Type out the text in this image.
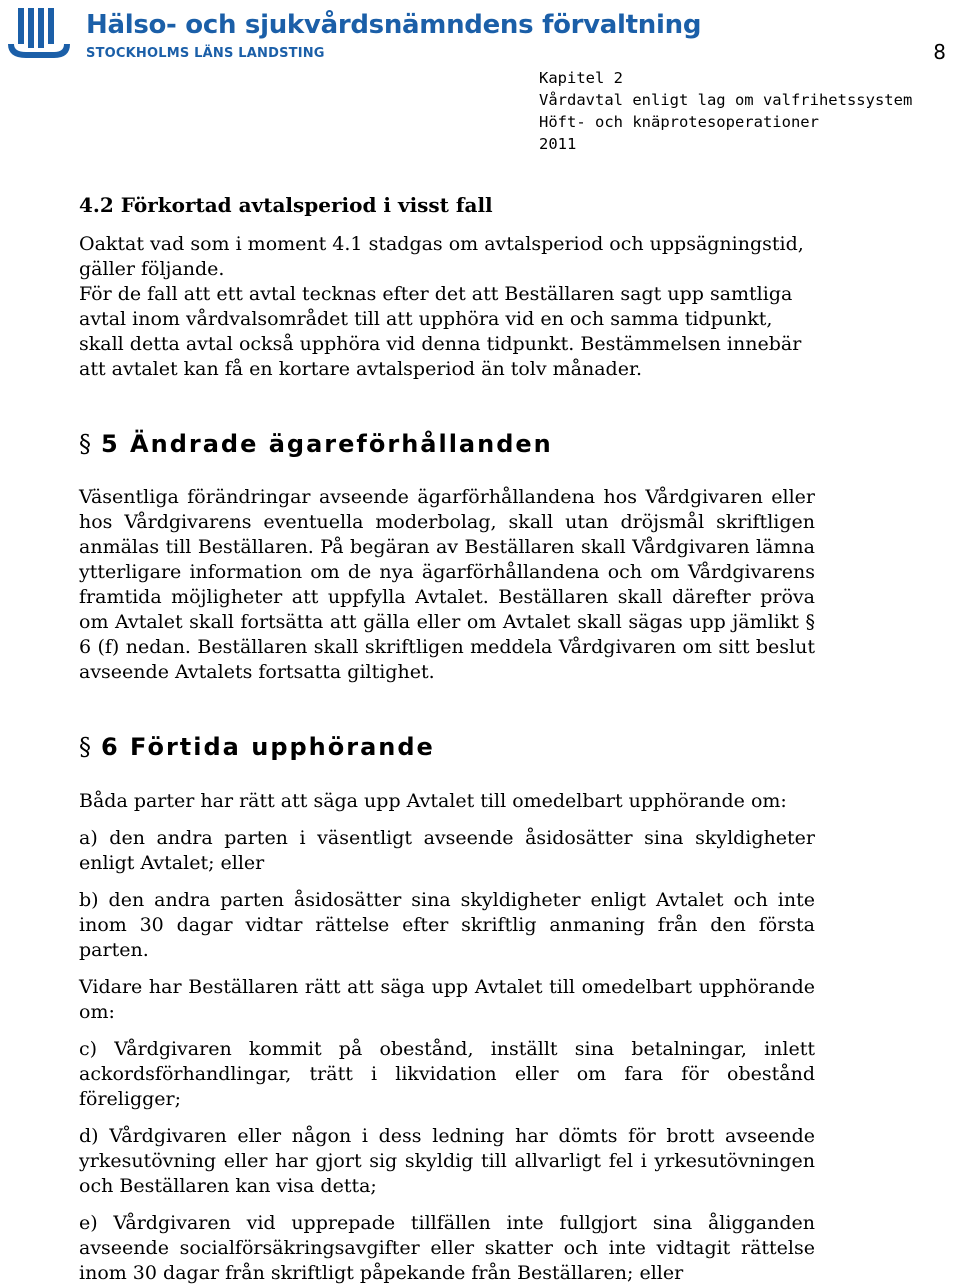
Hälso- och sjukvårdsnämndens förvaltning
STOCKHOLMS LÄNS LANDSTING	8
Kapitel 2
Vårdavtal enligt lag om valfrihetssystem
Höft- och knäprotesoperationer
2011
4.2 Förkortad avtalsperiod i visst fall

Oaktat vad som i moment 4.1 stadgas om avtalsperiod och uppsägningstid, gäller följande.

För de fall att ett avtal tecknas efter det att Beställaren sagt upp samtliga avtal inom vårdvalsområdet till att upphöra vid en och samma tidpunkt, skall detta avtal också upphöra vid denna tidpunkt. Bestämmelsen innebär att avtalet kan få en kortare avtalsperiod än tolv månader.

§ 5 Ändrade ägareförhållanden

Väsentliga förändringar avseende ägarförhållandena hos Vårdgivaren eller hos Vårdgivarens eventuella moderbolag, skall utan dröjsmål skriftligen anmälas till Beställaren. På begäran av Beställaren skall Vårdgivaren lämna ytterligare information om de nya ägarförhållandena och om Vårdgivarens framtida möjligheter att uppfylla Avtalet. Beställaren skall därefter pröva om Avtalet skall fortsätta att gälla eller om Avtalet skall sägas upp jämlikt § 6 (f) nedan. Beställaren skall skriftligen meddela Vårdgivaren om sitt beslut avseende Avtalets fortsatta giltighet.

§ 6 Förtida upphörande

Båda parter har rätt att säga upp Avtalet till omedelbart upphörande om:

a) den andra parten i väsentligt avseende åsidosätter sina skyldigheter enligt Avtalet; eller

b) den andra parten åsidosätter sina skyldigheter enligt Avtalet och inte inom 30 dagar vidtar rättelse efter skriftlig anmaning från den första parten.

Vidare har Beställaren rätt att säga upp Avtalet till omedelbart upphörande om:

c) Vårdgivaren kommit på obestånd, inställt sina betalningar, inlett ackordsförhandlingar, trätt i likvidation eller om fara för obestånd föreligger;

d) Vårdgivaren eller någon i dess ledning har dömts för brott avseende yrkesutövning eller har gjort sig skyldig till allvarligt fel i yrkesutövningen och Beställaren kan visa detta;

e) Vårdgivaren vid upprepade tillfällen inte fullgjort sina åligganden avseende socialförsäkringsavgifter eller skatter och inte vidtagit rättelse inom 30 dagar från skriftligt påpekande från Beställaren; eller
